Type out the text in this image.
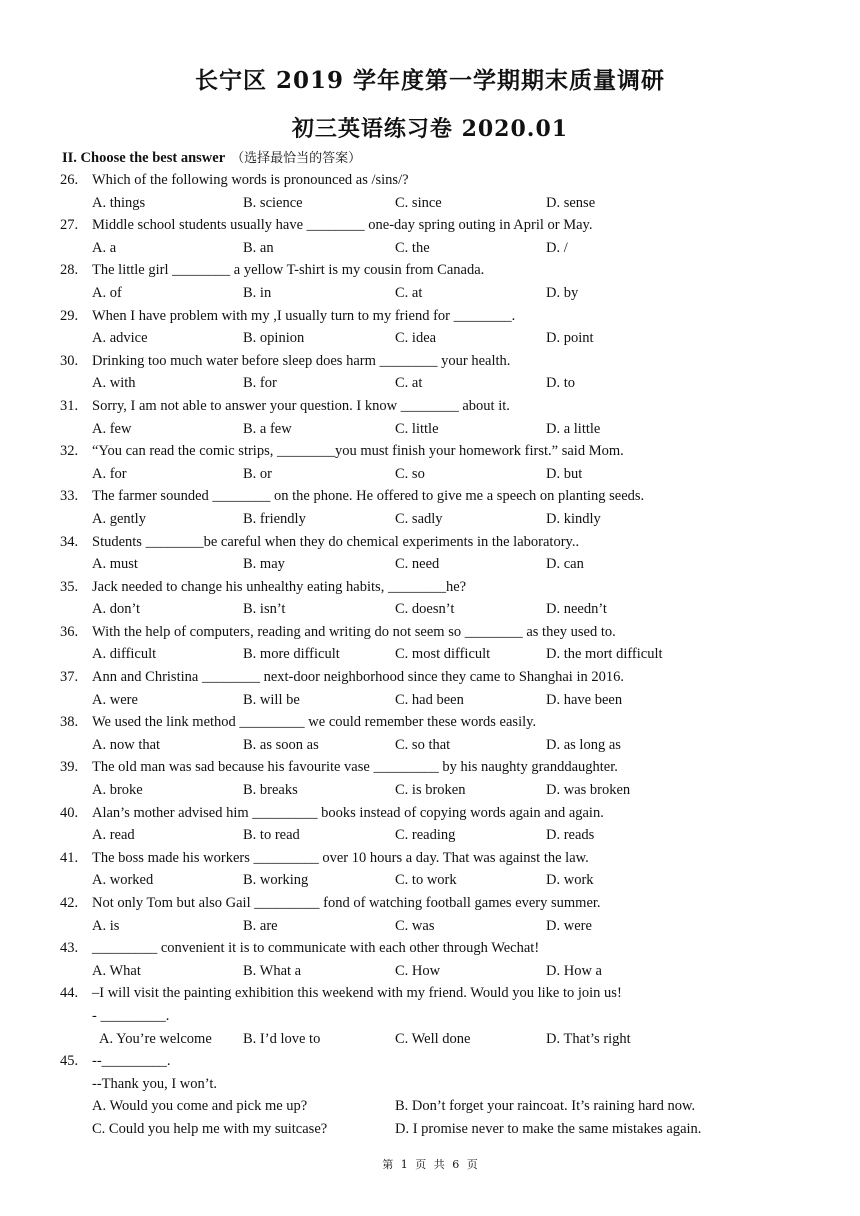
长宁区 2019 学年度第一学期期末质量调研
初三英语练习卷 2020.01
II. Choose the best answer （选择最恰当的答案）
26. Which of the following words is pronounced as /sins/?
A. things	B. science	C. since	D. sense
27. Middle school students usually have ________ one-day spring outing in April or May.
A. a	B. an	C. the	D. /
28. The little girl ________ a yellow T-shirt is my cousin from Canada.
A. of	B. in	C. at	D. by
29. When I have problem with my ,I usually turn to my friend for ________.
A. advice	B. opinion	C. idea	D. point
30. Drinking too much water before sleep does harm ________ your health.
A. with	B. for	C. at	D. to
31. Sorry, I am not able to answer your question. I know ________ about it.
A. few	B. a few	C. little	D. a little
32. “You can read the comic strips, ________you must finish your homework first.” said Mom.
A. for	B. or	C. so	D. but
33. The farmer sounded ________ on the phone. He offered to give me a speech on planting seeds.
A. gently	B. friendly	C. sadly	D. kindly
34. Students ________be careful when they do chemical experiments in the laboratory..
A. must	B. may	C. need	D. can
35. Jack needed to change his unhealthy eating habits, ________he?
A. don’t	B. isn’t	C. doesn’t	D. needn’t
36. With the help of computers, reading and writing do not seem so ________ as they used to.
A. difficult	B. more difficult	C. most difficult	D. the mort difficult
37. Ann and Christina ________ next-door neighborhood since they came to Shanghai in 2016.
A. were	B. will be	C. had been	D. have been
38. We used the link method _________ we could remember these words easily.
A. now that	B. as soon as	C. so that	D. as long as
39. The old man was sad because his favourite vase _________ by his naughty granddaughter.
A. broke	B. breaks	C. is broken	D. was broken
40. Alan’s mother advised him _________ books instead of copying words again and again.
A. read	B. to read	C. reading	D. reads
41. The boss made his workers _________ over 10 hours a day. That was against the law.
A. worked	B. working	C. to work	D. work
42. Not only Tom but also Gail _________ fond of watching football games every summer.
A. is	B. are	C. was	D. were
43. _________ convenient it is to communicate with each other through Wechat!
A. What	B. What a	C. How	D. How a
44. –I will visit the painting exhibition this weekend with my friend. Would you like to join us!
- _________.
A. You’re welcome B. I’d love to	C. Well done	D. That’s right
45. --_________.
--Thank you, I won’t.
A. Would you come and pick me up?	B. Don’t forget your raincoat. It’s raining hard now.
C. Could you help me with my suitcase?	D. I promise never to make the same mistakes again.
第 1 页 共 6 页
